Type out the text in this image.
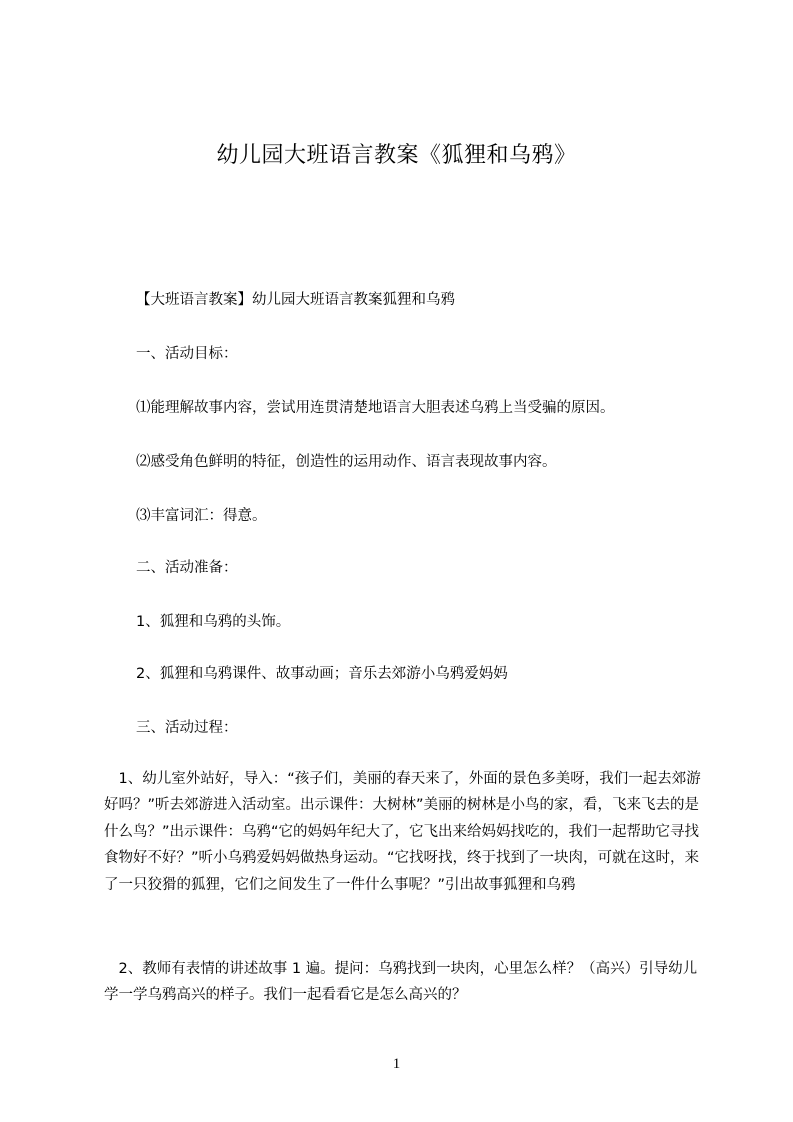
幼儿园大班语言教案《狐狸和乌鸦》
【大班语言教案】幼儿园大班语言教案狐狸和乌鸦
一、活动目标：
⑴能理解故事内容，尝试用连贯清楚地语言大胆表述乌鸦上当受骗的原因。
⑵感受角色鲜明的特征，创造性的运用动作、语言表现故事内容。
⑶丰富词汇：得意。
二、活动准备：
1、狐狸和乌鸦的头饰。
2、狐狸和乌鸦课件、故事动画；音乐去郊游小乌鸦爱妈妈
三、活动过程：
　1、幼儿室外站好，导入：“孩子们，美丽的春天来了，外面的景色多美呀，我们一起去郊游好吗？”听去郊游进入活动室。出示课件：大树林”美丽的树林是小鸟的家，看，飞来飞去的是什么鸟？”出示课件：乌鸦“它的妈妈年纪大了，它飞出来给妈妈找吃的，我们一起帮助它寻找食物好不好？”听小乌鸦爱妈妈做热身运动。“它找呀找，终于找到了一块肉，可就在这时，来了一只狡猾的狐狸，它们之间发生了一件什么事呢？”引出故事狐狸和乌鸦
　2、教师有表情的讲述故事 1 遍。提问：乌鸦找到一块肉，心里怎么样？（高兴）引导幼儿学一学乌鸦高兴的样子。我们一起看看它是怎么高兴的？
1
